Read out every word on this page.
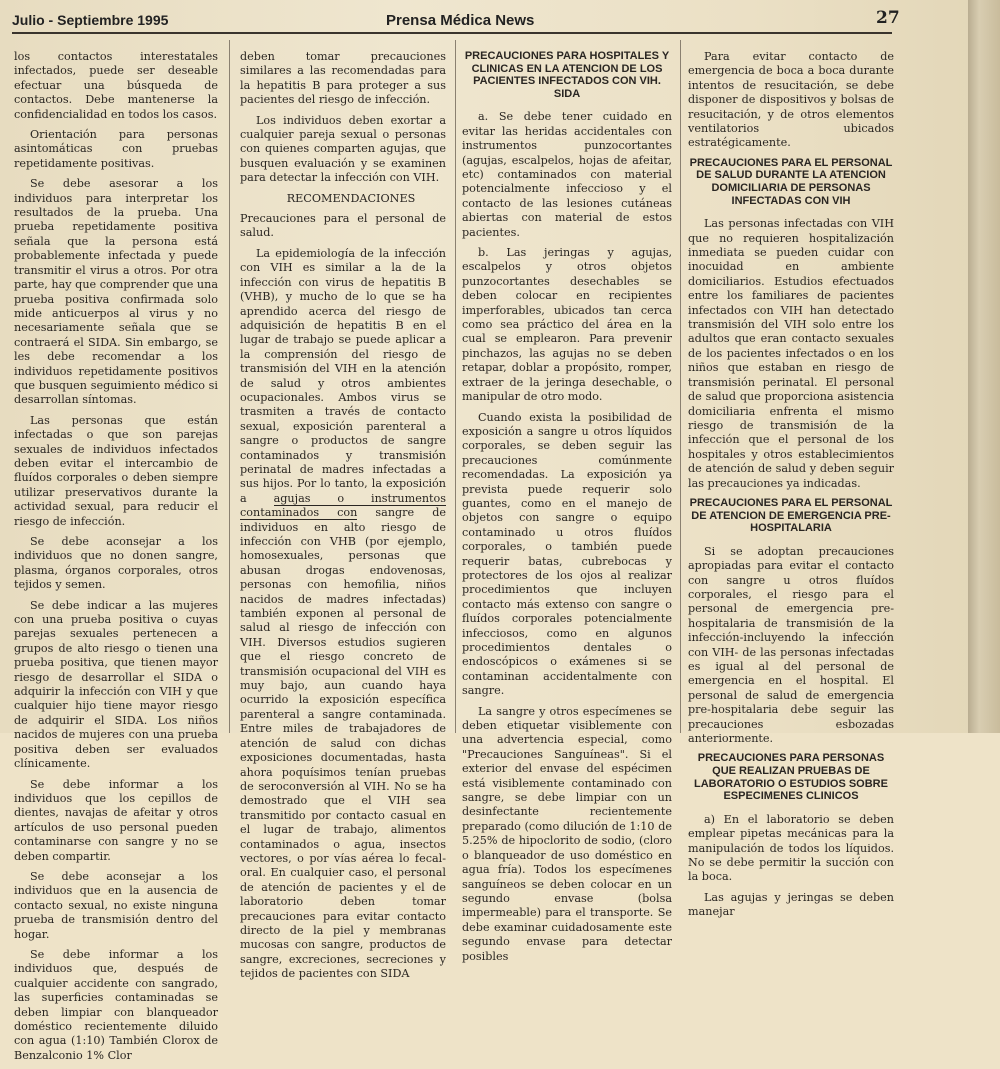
Julio - Septiembre 1995	Prensa Médica News	27

los contactos interestatales infectados, puede ser deseable efectuar una búsqueda de contactos. Debe mantenerse la confidencialidad en todos los casos.

Orientación para personas asintomáticas con pruebas repetidamente positivas.

Se debe asesorar a los individuos para interpretar los resultados de la prueba. Una prueba repetidamente positiva señala que la persona está probablemente infectada y puede transmitir el virus a otros. Por otra parte, hay que comprender que una prueba positiva confirmada solo mide anticuerpos al virus y no necesariamente señala que se contraerá el SIDA. Sin embargo, se les debe recomendar a los individuos repetidamente positivos que busquen seguimiento médico si desarrollan síntomas.

Las personas que están infectadas o que son parejas sexuales de individuos infectados deben evitar el intercambio de fluídos corporales o deben siempre utilizar preservativos durante la actividad sexual, para reducir el riesgo de infección.

Se debe aconsejar a los individuos que no donen sangre, plasma, órganos corporales, otros tejidos y semen.

Se debe indicar a las mujeres con una prueba positiva o cuyas parejas sexuales pertenecen a grupos de alto riesgo o tienen una prueba positiva, que tienen mayor riesgo de desarrollar el SIDA o adquirir la infección con VIH y que cualquier hijo tiene mayor riesgo de adquirir el SIDA. Los niños nacidos de mujeres con una prueba positiva deben ser evaluados clínicamente.

Se debe informar a los individuos que los cepillos de dientes, navajas de afeitar y otros artículos de uso personal pueden contaminarse con sangre y no se deben compartir.

Se debe aconsejar a los individuos que en la ausencia de contacto sexual, no existe ninguna prueba de transmisión dentro del hogar.

Se debe informar a los individuos que, después de cualquier accidente con sangrado, las superficies contaminadas se deben limpiar con blanqueador doméstico recientemente diluido con agua (1:10) También Clorox de Benzalconio 1% Clor

deben tomar precauciones similares a las recomendadas para la hepatitis B para proteger a sus pacientes del riesgo de infección.

Los individuos deben exortar a cualquier pareja sexual o personas con quienes comparten agujas, que busquen evaluación y se examinen para detectar la infección con VIH.

RECOMENDACIONES

Precauciones para el personal de salud.

La epidemiología de la infección con VIH es similar a la de la infección con virus de hepatitis B (VHB), y mucho de lo que se ha aprendido acerca del riesgo de adquisición de hepatitis B en el lugar de trabajo se puede aplicar a la comprensión del riesgo de transmisión del VIH en la atención de salud y otros ambientes ocupacionales. Ambos virus se trasmiten a través de contacto sexual, exposición parenteral a sangre o productos de sangre contaminados y transmisión perinatal de madres infectadas a sus hijos. Por lo tanto, la exposición a agujas o instrumentos contaminados con sangre de individuos en alto riesgo de infección con VHB (por ejemplo, homosexuales, personas que abusan drogas endovenosas, personas con hemofilia, niños nacidos de madres infectadas) también exponen al personal de salud al riesgo de infección con VIH. Diversos estudios sugieren que el riesgo concreto de transmisión ocupacional del VIH es muy bajo, aun cuando haya ocurrido la exposición específica parenteral a sangre contaminada. Entre miles de trabajadores de atención de salud con dichas exposiciones documentadas, hasta ahora poquísimos tenían pruebas de seroconversión al VIH. No se ha demostrado que el VIH sea transmitido por contacto casual en el lugar de trabajo, alimentos contaminados o agua, insectos vectores, o por vías aérea lo fecal-oral. En cualquier caso, el personal de atención de pacientes y el de laboratorio deben tomar precauciones para evitar contacto directo de la piel y membranas mucosas con sangre, productos de sangre, excreciones, secreciones y tejidos de pacientes con SIDA

PRECAUCIONES PARA HOSPITALES Y CLINICAS EN LA ATENCION DE LOS PACIENTES INFECTADOS CON VIH. SIDA

a. Se debe tener cuidado en evitar las heridas accidentales con instrumentos punzocortantes (agujas, escalpelos, hojas de afeitar, etc) contaminados con material potencialmente infeccioso y el contacto de las lesiones cutáneas abiertas con material de estos pacientes.

b. Las jeringas y agujas, escalpelos y otros objetos punzocortantes desechables se deben colocar en recipientes imperforables, ubicados tan cerca como sea práctico del área en la cual se emplearon. Para prevenir pinchazos, las agujas no se deben retapar, doblar a propósito, romper, extraer de la jeringa desechable, o manipular de otro modo.

Cuando exista la posibilidad de exposición a sangre u otros líquidos corporales, se deben seguir las precauciones comúnmente recomendadas. La exposición ya prevista puede requerir solo guantes, como en el manejo de objetos con sangre o equipo contaminado u otros fluídos corporales, o también puede requerir batas, cubrebocas y protectores de los ojos al realizar procedimientos que incluyen contacto más extenso con sangre o fluídos corporales potencialmente infecciosos, como en algunos procedimientos dentales o endoscópicos o exámenes si se contaminan accidentalmente con sangre.

La sangre y otros especímenes se deben etiquetar visiblemente con una advertencia especial, como "Precauciones Sanguíneas". Si el exterior del envase del espécimen está visiblemente contaminado con sangre, se debe limpiar con un desinfectante recientemente preparado (como dilución de 1:10 de 5.25% de hipoclorito de sodio, (cloro o blanqueador de uso doméstico en agua fría). Todos los especímenes sanguíneos se deben colocar en un segundo envase (bolsa impermeable) para el transporte. Se debe examinar cuidadosamente este segundo envase para detectar posibles

Para evitar contacto de emergencia de boca a boca durante intentos de resucitación, se debe disponer de dispositivos y bolsas de resucitación, y de otros elementos ventilatorios ubicados estratégicamente.

PRECAUCIONES PARA EL PERSONAL DE SALUD DURANTE LA ATENCION DOMICILIARIA DE PERSONAS INFECTADAS CON VIH

Las personas infectadas con VIH que no requieren hospitalización inmediata se pueden cuidar con inocuidad en ambiente domiciliarios. Estudios efectuados entre los familiares de pacientes infectados con VIH han detectado transmisión del VIH solo entre los adultos que eran contacto sexuales de los pacientes infectados o en los niños que estaban en riesgo de transmisión perinatal. El personal de salud que proporciona asistencia domiciliaria enfrenta el mismo riesgo de transmisión de la infección que el personal de los hospitales y otros establecimientos de atención de salud y deben seguir las precauciones ya indicadas.

PRECAUCIONES PARA EL PERSONAL DE ATENCION DE EMERGENCIA PRE-HOSPITALARIA

Si se adoptan precauciones apropiadas para evitar el contacto con sangre u otros fluídos corporales, el riesgo para el personal de emergencia pre-hospitalaria de transmisión de la infección-incluyendo la infección con VIH- de las personas infectadas es igual al del personal de emergencia en el hospital. El personal de salud de emergencia pre-hospitalaria debe seguir las precauciones esbozadas anteriormente.

PRECAUCIONES PARA PERSONAS QUE REALIZAN PRUEBAS DE LABORATORIO O ESTUDIOS SOBRE ESPECIMENES CLINICOS

a) En el laboratorio se deben emplear pipetas mecánicas para la manipulación de todos los líquidos. No se debe permitir la succión con la boca.

Las agujas y jeringas se deben manejar
